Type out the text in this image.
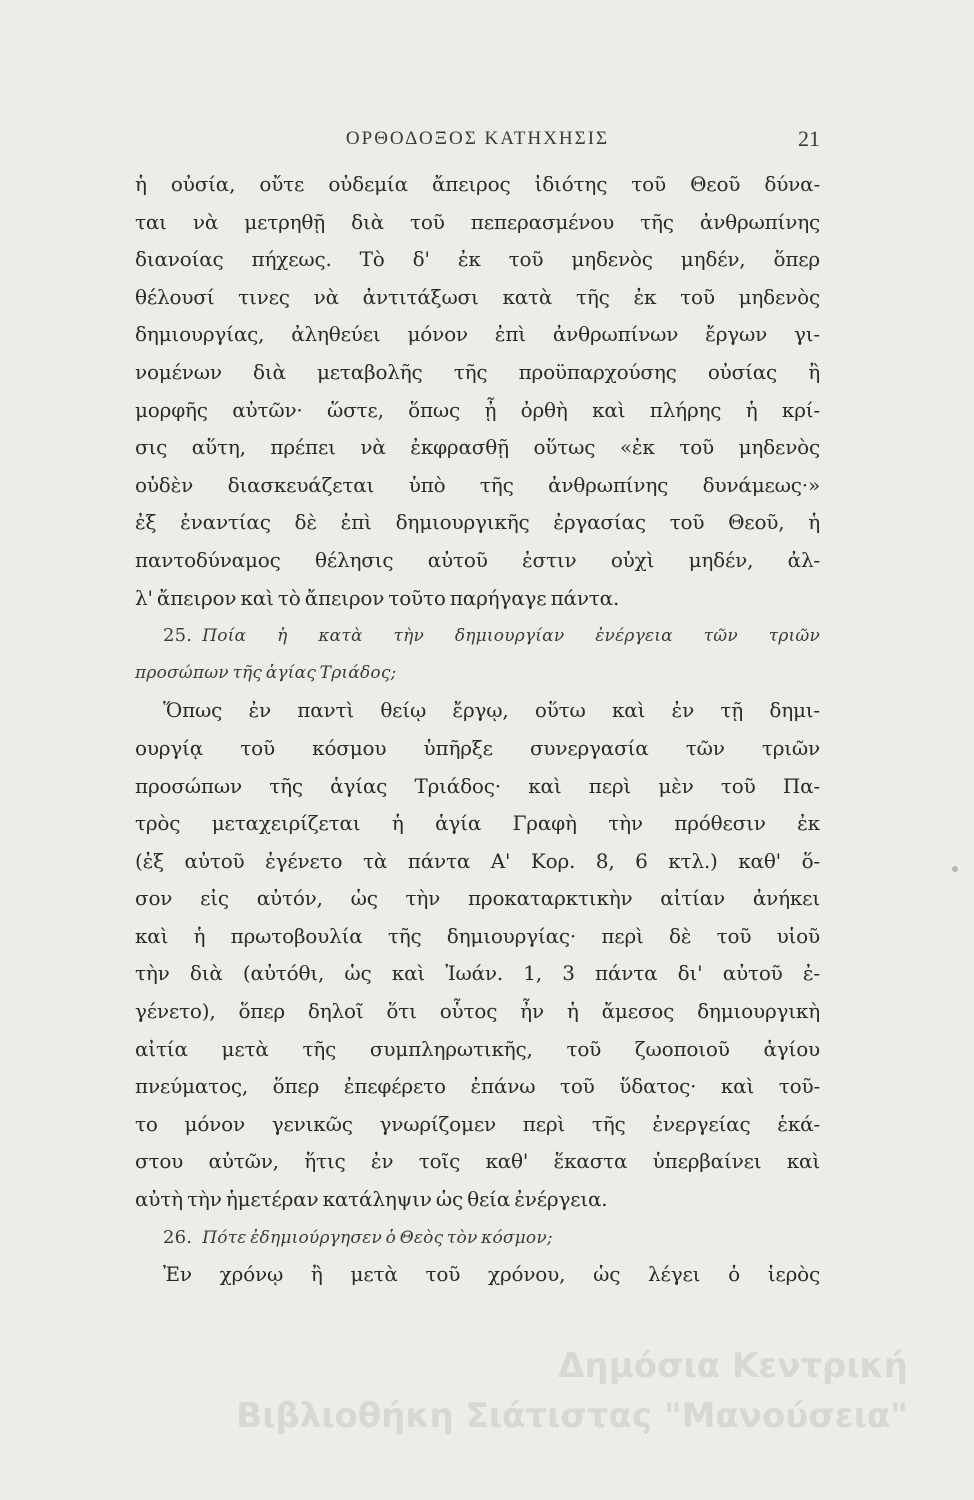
ΟΡΘΟΔΟΞΟΣ ΚΑΤΗΧΗΣΙΣ	21
ἡ οὐσία, οὔτε οὐδεμία ἄπειρος ἰδιότης τοῦ Θεοῦ δύνα-
ται νὰ μετρηθῇ διὰ τοῦ πεπερασμένου τῆς ἀνθρωπίνης
διανοίας πήχεως. Τὸ δ' ἐκ τοῦ μηδενὸς μηδέν, ὅπερ
θέλουσί τινες νὰ ἀντιτάξωσι κατὰ τῆς ἐκ τοῦ μηδενὸς
δημιουργίας, ἀληθεύει μόνον ἐπὶ ἀνθρωπίνων ἔργων γι-
νομένων διὰ μεταβολῆς τῆς προϋπαρχούσης οὐσίας ἢ
μορφῆς αὐτῶν· ὥστε, ὅπως ᾖ ὀρθὴ καὶ πλήρης ἡ κρί-
σις αὕτη, πρέπει νὰ ἐκφρασθῇ οὕτως «ἐκ τοῦ μηδενὸς
οὐδὲν διασκευάζεται ὑπὸ τῆς ἀνθρωπίνης δυνάμεως·»
ἐξ ἐναντίας δὲ ἐπὶ δημιουργικῆς ἐργασίας τοῦ Θεοῦ, ἡ
παντοδύναμος θέλησις αὐτοῦ ἐστιν οὐχὶ μηδέν, ἀλ-
λ' ἄπειρον καὶ τὸ ἄπειρον τοῦτο παρήγαγε πάντα.
25. Ποία ἡ κατὰ τὴν δημιουργίαν ἐνέργεια τῶν τριῶν
προσώπων τῆς ἁγίας Τριάδος;
Ὅπως ἐν παντὶ θείῳ ἔργῳ, οὕτω καὶ ἐν τῇ δημι-
ουργίᾳ τοῦ κόσμου ὑπῆρξε συνεργασία τῶν τριῶν
προσώπων τῆς ἁγίας Τριάδος· καὶ περὶ μὲν τοῦ Πα-
τρὸς μεταχειρίζεται ἡ ἁγία Γραφὴ τὴν πρόθεσιν ἐκ
(ἐξ αὐτοῦ ἐγένετο τὰ πάντα Α' Κορ. 8, 6 κτλ.) καθ' ὅ-
σον εἰς αὐτόν, ὡς τὴν προκαταρκτικὴν αἰτίαν ἀνήκει
καὶ ἡ πρωτοβουλία τῆς δημιουργίας· περὶ δὲ τοῦ υἱοῦ
τὴν διὰ (αὐτόθι, ὡς καὶ Ἰωάν. 1, 3 πάντα δι' αὐτοῦ ἐ-
γένετο), ὅπερ δηλοῖ ὅτι οὗτος ἦν ἡ ἄμεσος δημιουργικὴ
αἰτία μετὰ τῆς συμπληρωτικῆς, τοῦ ζωοποιοῦ ἁγίου
πνεύματος, ὅπερ ἐπεφέρετο ἐπάνω τοῦ ὕδατος· καὶ τοῦ-
το μόνον γενικῶς γνωρίζομεν περὶ τῆς ἐνεργείας ἑκά-
στου αὐτῶν, ἥτις ἐν τοῖς καθ' ἕκαστα ὑπερβαίνει καὶ
αὐτὴ τὴν ἡμετέραν κατάληψιν ὡς θεία ἐνέργεια.
26. Πότε ἐδημιούργησεν ὁ Θεὸς τὸν κόσμον;
Ἐν χρόνῳ ἢ μετὰ τοῦ χρόνου, ὡς λέγει ὁ ἱερὸς
Δημόσια Κεντρική
Βιβλιοθήκη Σιάτιστας "Μανούσεια"
